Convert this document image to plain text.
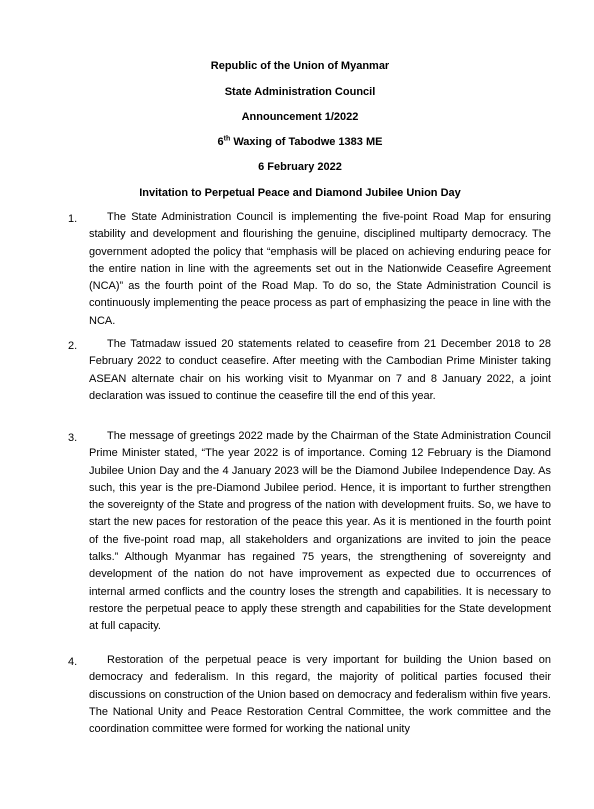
Republic of the Union of Myanmar
State Administration Council
Announcement 1/2022
6th Waxing of Tabodwe 1383 ME
6 February 2022
Invitation to Perpetual Peace and Diamond Jubilee Union Day
1.	The State Administration Council is implementing the five-point Road Map for ensuring stability and development and flourishing the genuine, disciplined multiparty democracy. The government adopted the policy that “emphasis will be placed on achieving enduring peace for the entire nation in line with the agreements set out in the Nationwide Ceasefire Agreement (NCA)” as the fourth point of the Road Map. To do so, the State Administration Council is continuously implementing the peace process as part of emphasizing the peace in line with the NCA.
2.	The Tatmadaw issued 20 statements related to ceasefire from 21 December 2018 to 28 February 2022 to conduct ceasefire. After meeting with the Cambodian Prime Minister taking ASEAN alternate chair on his working visit to Myanmar on 7 and 8 January 2022, a joint declaration was issued to continue the ceasefire till the end of this year.
3.	The message of greetings 2022 made by the Chairman of the State Administration Council Prime Minister stated, “The year 2022 is of importance. Coming 12 February is the Diamond Jubilee Union Day and the 4 January 2023 will be the Diamond Jubilee Independence Day. As such, this year is the pre-Diamond Jubilee period. Hence, it is important to further strengthen the sovereignty of the State and progress of the nation with development fruits. So, we have to start the new paces for restoration of the peace this year. As it is mentioned in the fourth point of the five-point road map, all stakeholders and organizations are invited to join the peace talks.” Although Myanmar has regained 75 years, the strengthening of sovereignty and development of the nation do not have improvement as expected due to occurrences of internal armed conflicts and the country loses the strength and capabilities. It is necessary to restore the perpetual peace to apply these strength and capabilities for the State development at full capacity.
4.	Restoration of the perpetual peace is very important for building the Union based on democracy and federalism. In this regard, the majority of political parties focused their discussions on construction of the Union based on democracy and federalism within five years. The National Unity and Peace Restoration Central Committee, the work committee and the coordination committee were formed for working the national unity
